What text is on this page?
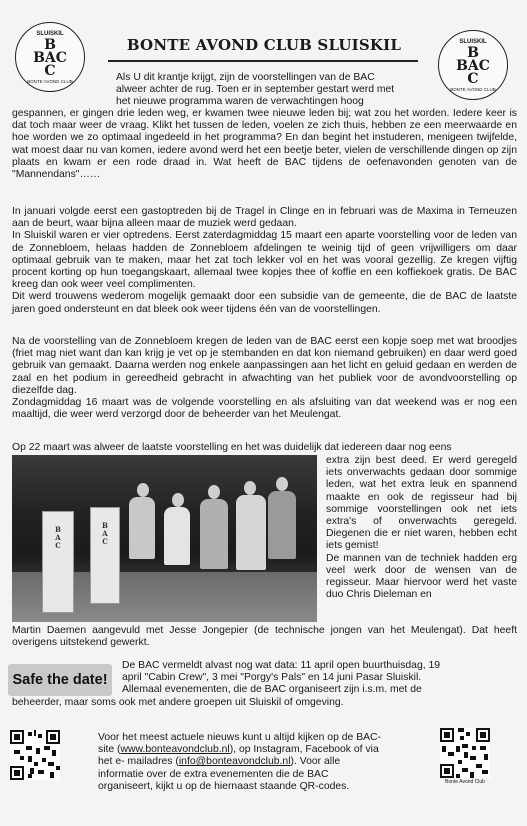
SLUISKIL
B
BAC
C
BONTE AVOND CLUB
SLUISKIL
B
BAC
C
BONTE AVOND CLUB
BONTE AVOND CLUB SLUISKIL

Als U dit krantje krijgt, zijn de voorstellingen van de BAC

alweer achter de rug. Toen er in september gestart werd met

het nieuwe programma waren de verwachtingen hoog

gespannen, er gingen drie leden weg, er kwamen twee nieuwe leden bij; wat zou het worden. Iedere keer is dat toch maar weer de vraag. Klikt het tussen de leden, voelen ze zich thuis, hebben ze een meerwaarde en hoe worden we zo optimaal ingedeeld in het programma? En dan begint het instuderen, menigeen twijfelde, wat moest daar nu van komen, iedere avond werd het een beetje beter, vielen de verschillende dingen op zijn plaats en kwam er een rode draad in. Wat heeft de BAC tijdens de oefenavonden genoten van de "Mannendans"……

In januari volgde eerst een gastoptreden bij de Tragel in Clinge en in februari was de Maxima in Terneuzen aan de beurt, waar bijna alleen maar de muziek werd gedaan.

In Sluiskil waren er vier optredens. Eerst zaterdagmiddag 15 maart een aparte voorstelling voor de leden van de Zonnebloem, helaas hadden de Zonnebloem afdelingen te weinig tijd of geen vrijwilligers om daar optimaal gebruik van te maken, maar het zat toch lekker vol en het was vooral gezellig. Ze kregen vijftig procent korting op hun toegangskaart, allemaal twee kopjes thee of koffie en een koffiekoek gratis. De BAC kreeg dan ook weer veel complimenten.

Dit werd trouwens wederom mogelijk gemaakt door een subsidie van de gemeente, die de BAC de laatste jaren goed ondersteunt en dat bleek ook weer tijdens één van de voorstellingen.

Na de voorstelling van de Zonnebloem kregen de leden van de BAC eerst een kopje soep met wat broodjes (friet mag niet want dan kan krijg je vet op je stembanden en dat kon niemand gebruiken) en daar werd goed gebruik van gemaakt. Daarna werden nog enkele aanpassingen aan het licht en geluid gedaan en werden de zaal en het podium in gereedheid gebracht in afwachting van het publiek voor de avondvoorstelling op diezelfde dag.

Zondagmiddag 16 maart was de volgende voorstelling en als afsluiting van dat weekend was er nog een maaltijd, die weer werd verzorgd door de beheerder van het Meulengat.

Op 22 maart was alweer de laatste voorstelling en het was duidelijk dat iedereen daar nog eens

B
A
C
B
A
C

extra zijn best deed. Er werd geregeld iets onverwachts gedaan door sommige leden, wat het extra leuk en spannend maakte en ook de regisseur had bij sommige voorstellingen ook net iets extra's of onverwachts geregeld. Diegenen die er niet waren, hebben echt iets gemist!

De mannen van de techniek hadden erg veel werk door de wensen van de regisseur. Maar hiervoor werd het vaste duo Chris Dieleman en

Martin Daemen aangevuld met Jesse Jongepier (de technische jongen van het Meulengat). Dat heeft overigens uitstekend gewerkt.

Safe the date!

De BAC vermeldt alvast nog wat data: 11 april open buurthuisdag, 19

april "Cabin Crew", 3 mei "Porgy's Pals" en 14 juni Pasar Sluiskil.

Allemaal evenementen, die de BAC organiseert zijn i.s.m. met de

beheerder, maar soms ook met andere groepen uit Sluiskil of omgeving.

Voor het meest actuele nieuws kunt u altijd kijken op de BAC-

site (www.bonteavondclub.nl), op Instagram, Facebook of via

het e- mailadres (info@bonteavondclub.nl). Voor alle

informatie over de extra evenementen die de BAC

organiseert, kijkt u op de hiernaast staande QR-codes.	Bonte Avond Club
